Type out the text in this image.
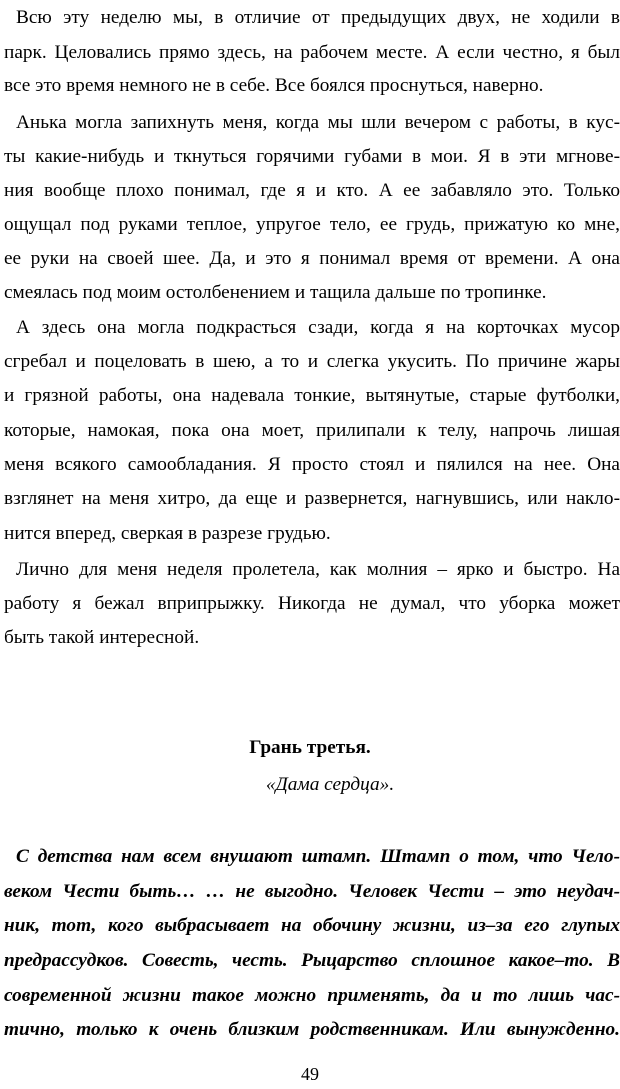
Всю эту неделю мы, в отличие от предыдущих двух, не ходили в
парк. Целовались прямо здесь, на рабочем месте. А если честно, я был
все это время немного не в себе. Все боялся проснуться, наверно.
Анька могла запихнуть меня, когда мы шли вечером с работы, в кус-
ты какие-нибудь и ткнуться горячими губами в мои. Я в эти мгнове-
ния вообще плохо понимал, где я и кто. А ее забавляло это. Только
ощущал под руками теплое, упругое тело, ее грудь, прижатую ко мне,
ее руки на своей шее. Да, и это я понимал время от времени. А она
смеялась под моим остолбенением и тащила дальше по тропинке.
А здесь она могла подкрасться сзади, когда я на корточках мусор
сгребал и поцеловать в шею, а то и слегка укусить. По причине жары
и грязной работы, она надевала тонкие, вытянутые, старые футболки,
которые, намокая, пока она моет, прилипали к телу, напрочь лишая
меня всякого самообладания. Я просто стоял и пялился на нее. Она
взглянет на меня хитро, да еще и развернется, нагнувшись, или накло-
нится вперед, сверкая в разрезе грудью.
Лично для меня неделя пролетела, как молния – ярко и быстро. На
работу я бежал вприпрыжку. Никогда не думал, что уборка может
быть такой интересной.
Грань третья.
«Дама сердца».
С детства нам всем внушают штамп. Штамп о том, что Чело-
веком Чести быть… … не выгодно. Человек Чести – это неудач-
ник, тот, кого выбрасывает на обочину жизни, из–за его глупых
предрассудков. Совесть, честь. Рыцарство сплошное какое–то. В
современной жизни такое можно применять, да и то лишь час-
тично, только к очень близким родственникам. Или вынужденно.
49
